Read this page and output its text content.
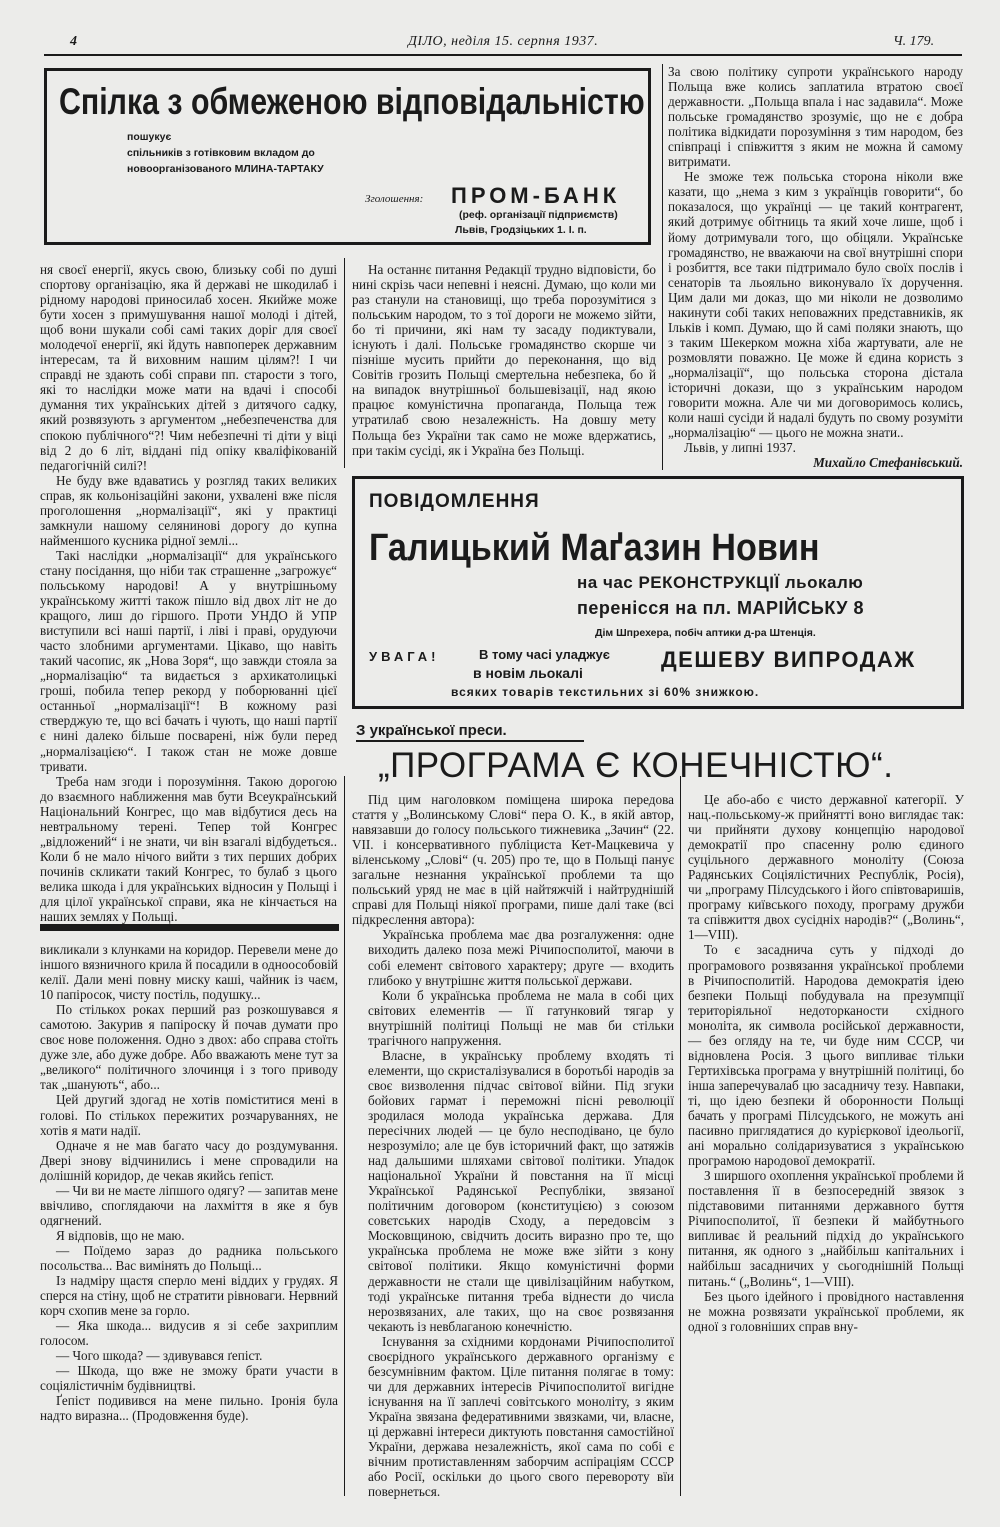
4	ДІЛО, неділя 15. серпня 1937.	Ч. 179.
Спілка з обмеженою відповідальністю
пошукує
спільників з готівковим вкладом до
новоорганізованого МЛИНА-ТАРТАКУ
Зголошення: ПРОМ-БАНК
(реф. організації підприємств)
Львів, Гродзіцьких 1. І. п.

ня своєї енергії, якусь свою, близьку собі по душі спортову організацію, яка й державі не шкодилаб і рідному народові приносилаб хосен. Якийже може бути хосен з примушування нашої молоді і дітей, щоб вони шукали собі самі таких доріг для своєї молодечої енергії, які йдуть навпоперек державним інтересам, та й виховним нашим цілям?! І чи справді не здають собі справи пп. старости з того, які то наслідки може мати на вдачі і способі думання тих українських дітей з дитячого садку, який розвязують з аргументом „небезпеченства для спокою публічного“?! Чим небезпечні ті діти у віці від 2 до 6 літ, віддані під опіку кваліфікованій педагогічній силі?!

Не буду вже вдаватись у розгляд таких великих справ, як кольонізаційні закони, ухвалені вже після проголошення „нормалізації“, які у практиці замкнули нашому селянинові дорогу до купна найменшого кусника рідної землі...

Такі наслідки „нормалізації“ для українського стану посідання, що ніби так страшенне „загрожує“ польському народові! А у внутрішньому українському житті також пішло від двох літ не до кращого, лиш до гіршого. Проти УНДО й УПР виступили всі наші партії, і ліві і праві, орудуючи часто злобними аргументами. Цікаво, що навіть такий часопис, як „Нова Зоря“, що завжди стояла за „нормалізацію“ та видається з архикатолицькі гроші, побила тепер рекорд у поборюванні цієї останньої „нормалізації“! В кожному разі стверджую те, що всі бачать і чують, що наші партії є нині далеко більше посварені, ніж були перед „нормалізацією“. І також стан не може довше тривати.

Треба нам згоди і порозуміння. Такою дорогою до взаємного наближення мав бути Всеукраїнський Національний Конгрес, що мав відбутися десь на невтральному терені. Тепер той Конгрес „відложений“ і не знати, чи він взагалі відбудеться.. Коли б не мало нічого вийти з тих перших добрих починів скликати такий Конгрес, то булаб з цього велика шкода і для українських відносин у Польщі і для цілої української справи, яка не кінчається на наших землях у Польщі.

На останнє питання Редакції трудно відповісти, бо нині скрізь часи непевні і неясні. Думаю, що коли ми раз станули на становищі, що треба порозумітися з польським народом, то з тої дороги не можемо зійти, бо ті причини, які нам ту засаду подиктували, існують і далі. Польське громадянство скорше чи пізніше мусить прийти до переконання, що від Совітів грозить Польщі смертельна небезпека, бо й на випадок внутрішньої большевізації, над якою працює комуністична пропаганда, Польща теж утратилаб свою незалежність. На довшу мету Польща без України так само не може вдержатись, при такім сусіді, як і Україна без Польщі.

За свою політику супроти українського народу Польща вже колись заплатила втратою своєї державности. „Польща впала і нас задавила“. Може польське громадянство зрозуміє, що не є добра політика відкидати порозуміння з тим народом, без співпраці і співжиття з яким не можна й самому витримати.

Не зможе теж польська сторона ніколи вже казати, що „нема з ким з українців говорити“, бо показалося, що українці — це такий контрагент, який дотримує обітниць та який хоче лише, щоб і йому дотримували того, що обіцяли. Українське громадянство, не вважаючи на свої внутрішні спори і розбиття, все таки підтримало було своїх послів і сенаторів та льояльно виконувало їх доручення. Цим дали ми доказ, що ми ніколи не дозволимо накинути собі таких неповажних представників, як Ільків і комп. Думаю, що й самі поляки знають, що з таким Шекерком можна хіба жартувати, але не розмовляти поважно. Це може й єдина користь з „нормалізації“, що польська сторона дістала історичні докази, що з українським народом говорити можна. Але чи ми договоримось колись, коли наші сусіди й надалі будуть по свому розуміти „нормалізацію“ — цього не можна знати..

Львів, у липні 1937.

Михайло Стефанівський.

ПОВІДОМЛЕННЯ
Галицький Маґазин Новин
на час РЕКОНСТРУКЦІЇ льокалю
перенісся на пл. МАРІЙСЬКУ 8
Дім Шпрехера, побіч аптики д-ра Штенція.
УВАГА!	В тому часі уладжує
в новім льокалі
ДЕШЕВУ ВИПРОДАЖ
всяких товарів текстильних зі 60% знижкою.
З української преси.
„ПРОГРАМА Є КОНЕЧНІСТЮ“.

викликали з клунками на коридор. Перевели мене до іншого вязничного крила й посадили в одноособовій келії. Дали мені повну миску каші, чайник із чаєм, 10 папіросок, чисту постіль, подушку...

По стількох роках перший раз розкошувався я самотою. Закурив я папіроску й почав думати про своє нове положення. Одно з двох: або справа стоїть дуже зле, або дуже добре. Або вважають мене тут за „великого“ політичного злочинця і з того приводу так „шанують“, або...

Цей другий здогад не хотів поміститися мені в голові. По стількох пережитих розчаруваннях, не хотів я мати надії.

Одначе я не мав багато часу до роздумування. Двері знову відчинились і мене спровадили на долішній коридор, де чекав якийсь ґепіст.

— Чи ви не маєте ліпшого одягу? — запитав мене ввічливо, споглядаючи на лахміття в яке я був одягнений.

Я відповів, що не маю.

— Поїдемо зараз до радника польського посольства... Вас вимінять до Польщі...

Із надміру щастя сперло мені віддих у грудях. Я сперся на стіну, щоб не стратити рівноваги. Нервний корч схопив мене за горло.

— Яка шкода... видусив я зі себе захриплим голосом.

— Чого шкода? — здивувався ґепіст.

— Шкода, що вже не зможу брати участи в соціялістичнім будівництві.

Ґепіст подивився на мене пильно. Іронія була надто виразна... (Продовження буде).

Під цим наголовком поміщена широка передова стаття у „Волинському Слові“ пера О. К., в якій автор, навязавши до голосу польського тижневика „Зачин“ (22. VII. і консервативного публіциста Кет-Мацкевича у віленському „Слові“ (ч. 205) про те, що в Польщі панує загальне незнання української проблеми та що польський уряд не має в цій найтяжчій і найтруднішій справі для Польщі ніякої програми, пише далі таке (всі підкреслення автора):

Українська проблема має два розгалуження: одне виходить далеко поза межі Річипосполитої, маючи в собі елемент світового характеру; друге — входить глибоко у внутрішнє життя польської держави.

Коли б українська проблема не мала в собі цих світових елементів — її гатунковий тягар у внутрішній політиці Польщі не мав би стільки трагічного напруження.

Власне, в українську проблему входять ті елементи, що скристалізувалися в боротьбі народів за своє визволення підчас світової війни. Під згуки бойових гармат і переможні пісні революції зродилася молода українська держава. Для пересічних людей — це було несподівано, це було незрозуміло; але це був історичний факт, що затяжів над дальшими шляхами світової політики. Упадок національної України й повстання на її місці Української Радянської Республіки, звязаної політичним договором (конституцією) з союзом совєтських народів Сходу, а передовсім з Московщиною, свідчить досить виразно про те, що українська проблема не може вже зійти з кону світової політики. Якщо комуністичні форми державности не стали ще цивілізаційним набутком, тоді українське питання треба віднести до числа нерозвязаних, але таких, що на своє розвязання чекають із невблаганою конечністю.

Існування за східними кордонами Річипосполитої своєрідного українського державного організму є безсумнівним фактом. Ціле питання полягає в тому: чи для державних інтересів Річипосполитої вигідне існування на її заплечі совітського моноліту, з яким Україна звязана федеративними звязками, чи, власне, ці державні інтереси диктують повстання самостійної України, держава незалежність, якої сама по собі є вічним протиставленням заборчим аспіраціям СССР або Росії, оскільки до цього свого перевороту вїи повернеться.

Це або-або є чисто державної категорії. У нац.-польському-ж прийнятті воно виглядає так: чи прийняти духову концепцію народової демократії про спасенну ролю єдиного суцільного державного моноліту (Союза Радянських Соціялістичних Республік, Росія), чи „програму Пілсудського і його співтоваришів, програму київського походу, програму дружби та співжиття двох сусідніх народів?“ („Волинь“, 1—VIII).

То є засаднича суть у підході до програмового розвязання української проблеми в Річипосполитій. Народова демократія ідею безпеки Польщі побудувала на презумпції територіяльної недоторканости східного моноліта, як символа російської державности, — без огляду на те, чи буде ним СССР, чи відновлена Росія. З цього випливає тільки Гертихівська програма у внутрішній політиці, бо інша заперечувалаб цю засадничу тезу. Навпаки, ті, що ідею безпеки й оборонности Польщі бачать у програмі Пілсудського, не можуть ані пасивно приглядатися до курієркової ідеольогії, ані морально солідаризуватися з українською програмою народової демократії.

З ширшого охоплення української проблеми й поставлення її в безпосередній звязок з підставовими питаннями державного буття Річипосполитої, її безпеки й майбутнього випливає й реальний підхід до українського питання, як одного з „найбільш капітальних і найбільш засадничих у сьогоднішній Польщі питань.“ („Волинь“, 1—VIII).

Без цього ідейного і провідного наставлення не можна розвязати української проблеми, як одної з головніших справ вну-
